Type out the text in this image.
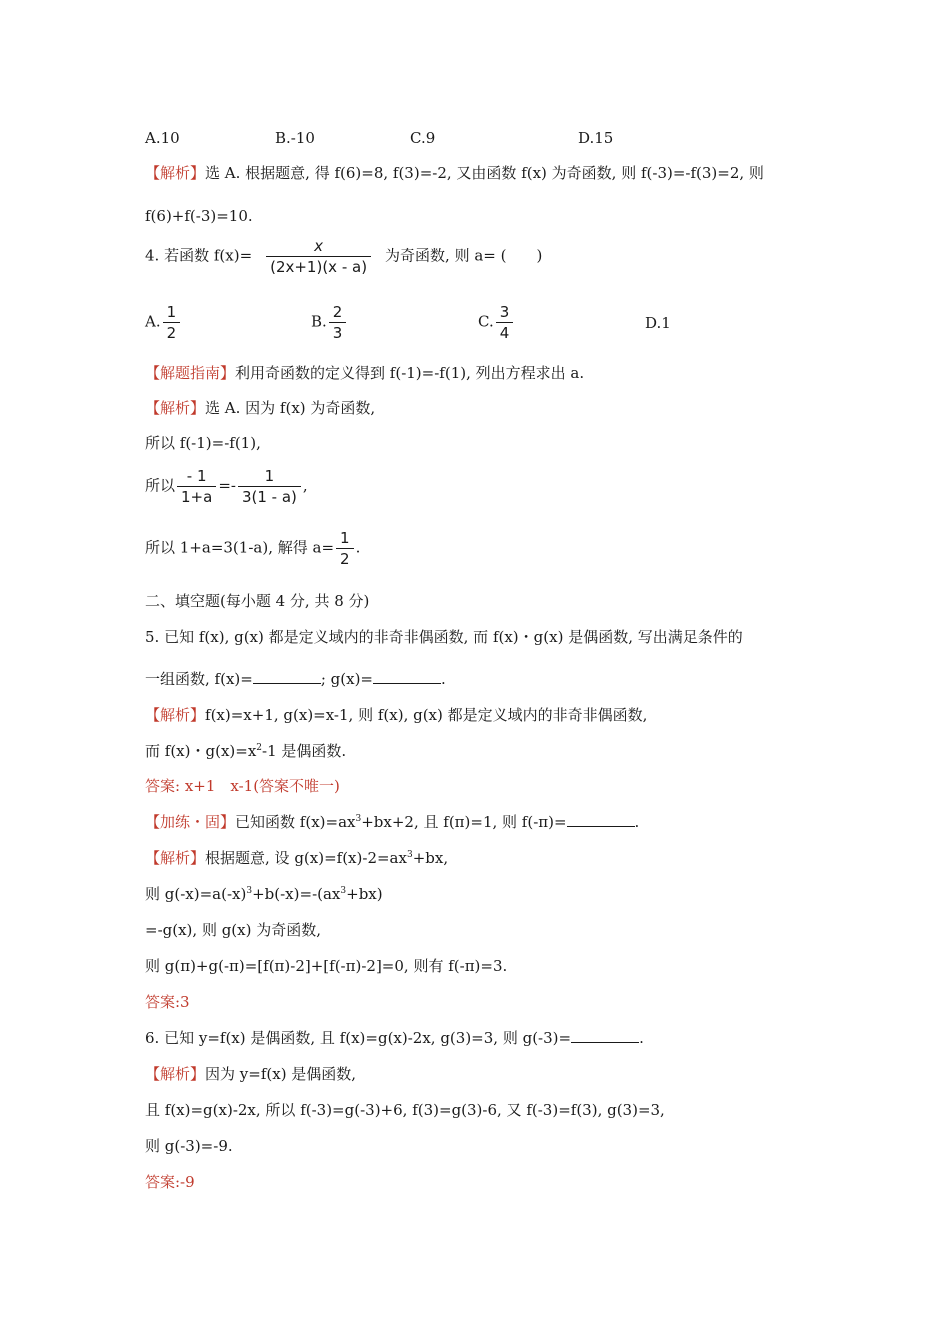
A.10	B.-10	C.9	D.15
【解析】选 A. 根据题意, 得 f(6)=8, f(3)=-2, 又由函数 f(x) 为奇函数, 则 f(-3)=-f(3)=2, 则
f(6)+f(-3)=10.
4. 若函数 $f(x)= \frac{x}{(2x+1)(x - a)}$ 为奇函数, 则 a= (　　)
A. $\frac{1}{2}$	B. $\frac{2}{3}$	C. $\frac{3}{4}$	D.1
【解题指南】利用奇函数的定义得到 f(-1)=-f(1), 列出方程求出 a.
【解析】选 A. 因为 f(x) 为奇函数,
所以 f(-1)=-f(1),
所以 $\frac{- 1}{1+a} =- \frac{1}{3(1 - a)}$ ,
所以 1+a=3(1-a), 解得 $a= \frac{1}{2}$ .
二、填空题(每小题 4 分, 共 8 分)
5. 已知 f(x), g(x) 都是定义域内的非奇非偶函数, 而 f(x)・g(x) 是偶函数, 写出满足条件的
一组函数, f(x)=	; g(x)=	.
【解析】f(x)=x+1, g(x)=x-1, 则 f(x), g(x) 都是定义域内的非奇非偶函数,
而 f(x)・$g(x)=x^2-1$ 是偶函数.
答案: x+1　x-1(答案不唯一)
【加练・固】已知函数 $f(x)=ax^3+bx+2$, 且 f(π)=1, 则 f(-π)=	.
【解析】根据题意, 设 $g(x)=f(x)-2=ax^3+bx$,
则 $g(-x)=a(-x)^3+b(-x)=-(ax^3+bx)$
=-g(x), 则 g(x) 为奇函数,
则 g(π)+g(-π)=[f(π)-2]+[f(-π)-2]=0, 则有 f(-π)=3.
答案:3
6. 已知 y=f(x) 是偶函数, 且 f(x)=g(x)-2x, g(3)=3, 则 g(-3)=	.
【解析】因为 y=f(x) 是偶函数,
且 f(x)=g(x)-2x, 所以 f(-3)=g(-3)+6, f(3)=g(3)-6, 又 f(-3)=f(3), g(3)=3,
则 g(-3)=-9.
答案:-9
